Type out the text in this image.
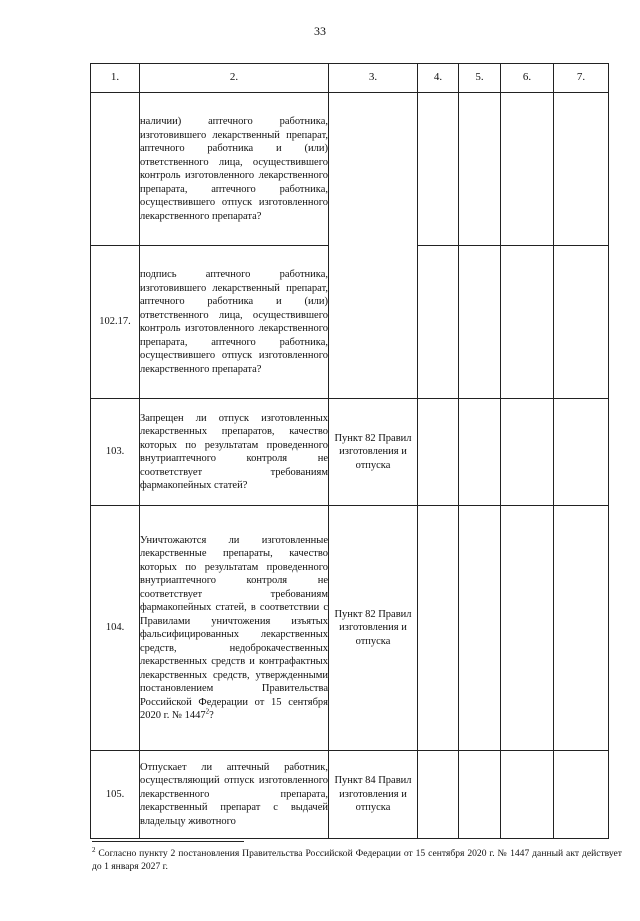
33
1.	2.	3.	4.	5.	6.	7.
	наличии) аптечного работника, изготовившего лекарственный препарат, аптечного работника и (или) ответственного лица, осуществившего контроль изготовленного лекарственного препарата, аптечного работника, осуществившего отпуск изготовленного лекарственного препарата?					
102.17.	подпись аптечного работника, изготовившего лекарственный препарат, аптечного работника и (или) ответственного лица, осуществившего контроль изготовленного лекарственного препарата, аптечного работника, осуществившего отпуск изготовленного лекарственного препарата?					
103.	Запрещен ли отпуск изготовленных лекарственных препаратов, качество которых по результатам проведенного внутриаптечного контроля не соответствует требованиям фармакопейных статей?	Пункт 82 Правил изготовления и отпуска				
104.	Уничтожаются ли изготовленные лекарственные препараты, качество которых по результатам проведенного внутриаптечного контроля не соответствует требованиям фармакопейных статей, в соответствии с Правилами уничтожения изъятых фальсифицированных лекарственных средств, недоброкачественных лекарственных средств и контрафактных лекарственных средств, утвержденными постановлением Правительства Российской Федерации от 15 сентября 2020 г. № 1447$^2$?	Пункт 82 Правил изготовления и отпуска				
105.	Отпускает ли аптечный работник, осуществляющий отпуск изготовленного лекарственного препарата, лекарственный препарат с выдачей владельцу животного	Пункт 84 Правил изготовления и отпуска				
$^2$ Согласно пункту 2 постановления Правительства Российской Федерации от 15 сентября 2020 г. № 1447 данный акт действует до 1 января 2027 г.
